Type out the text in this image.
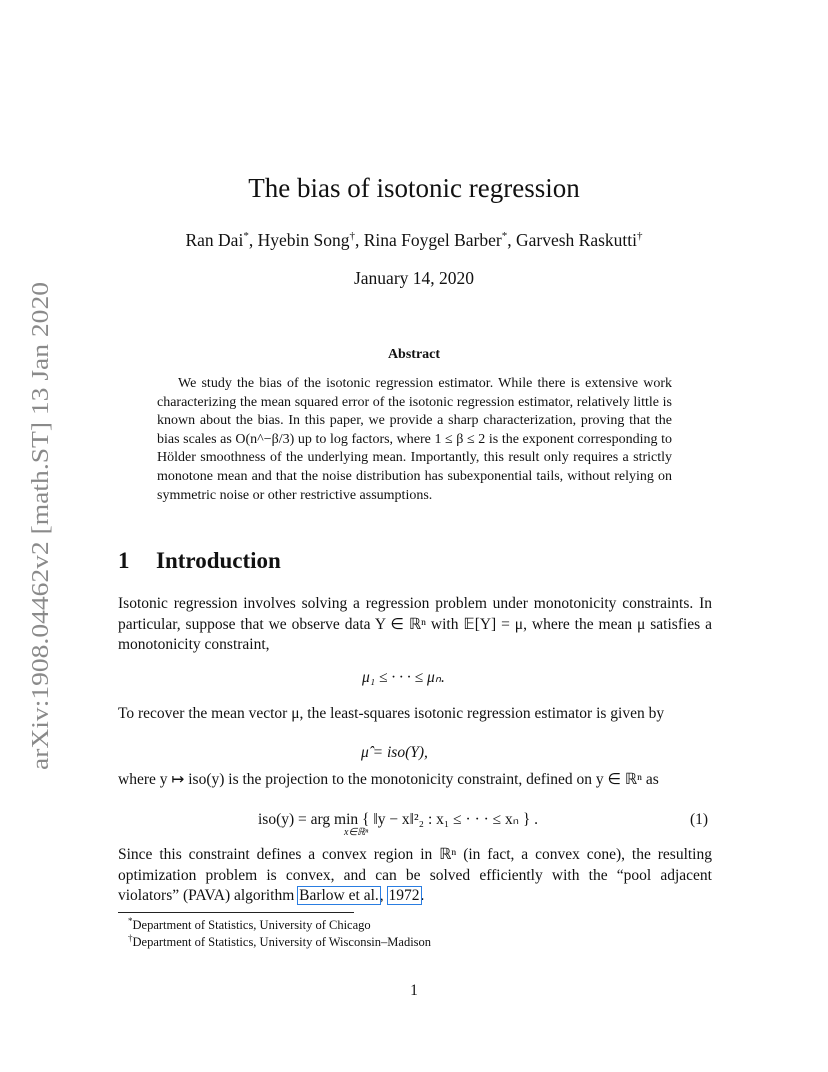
arXiv:1908.04462v2 [math.ST] 13 Jan 2020
The bias of isotonic regression
Ran Dai*, Hyebin Song†, Rina Foygel Barber*, Garvesh Raskutti†
January 14, 2020
Abstract
We study the bias of the isotonic regression estimator. While there is extensive work characterizing the mean squared error of the isotonic regression estimator, relatively little is known about the bias. In this paper, we provide a sharp characterization, proving that the bias scales as O(n^−β/3) up to log factors, where 1 ≤ β ≤ 2 is the exponent corresponding to Hölder smoothness of the underlying mean. Importantly, this result only requires a strictly monotone mean and that the noise distribution has subexponential tails, without relying on symmetric noise or other restrictive assumptions.
1 Introduction
Isotonic regression involves solving a regression problem under monotonicity constraints. In particular, suppose that we observe data Y ∈ ℝⁿ with 𝔼[Y] = μ, where the mean μ satisfies a monotonicity constraint,
μ₁ ≤ · · · ≤ μₙ.
To recover the mean vector μ, the least-squares isotonic regression estimator is given by
μ̂ = iso(Y),
where y ↦ iso(y) is the projection to the monotonicity constraint, defined on y ∈ ℝⁿ as
iso(y) = arg min { ‖y − x‖²₂ : x₁ ≤ · · · ≤ xₙ } .
x∈ℝⁿ
(1)
Since this constraint defines a convex region in ℝⁿ (in fact, a convex cone), the resulting optimization problem is convex, and can be solved efficiently with the “pool adjacent violators” (PAVA) algorithm Barlow et al., 1972.
*Department of Statistics, University of Chicago
†Department of Statistics, University of Wisconsin–Madison
1
